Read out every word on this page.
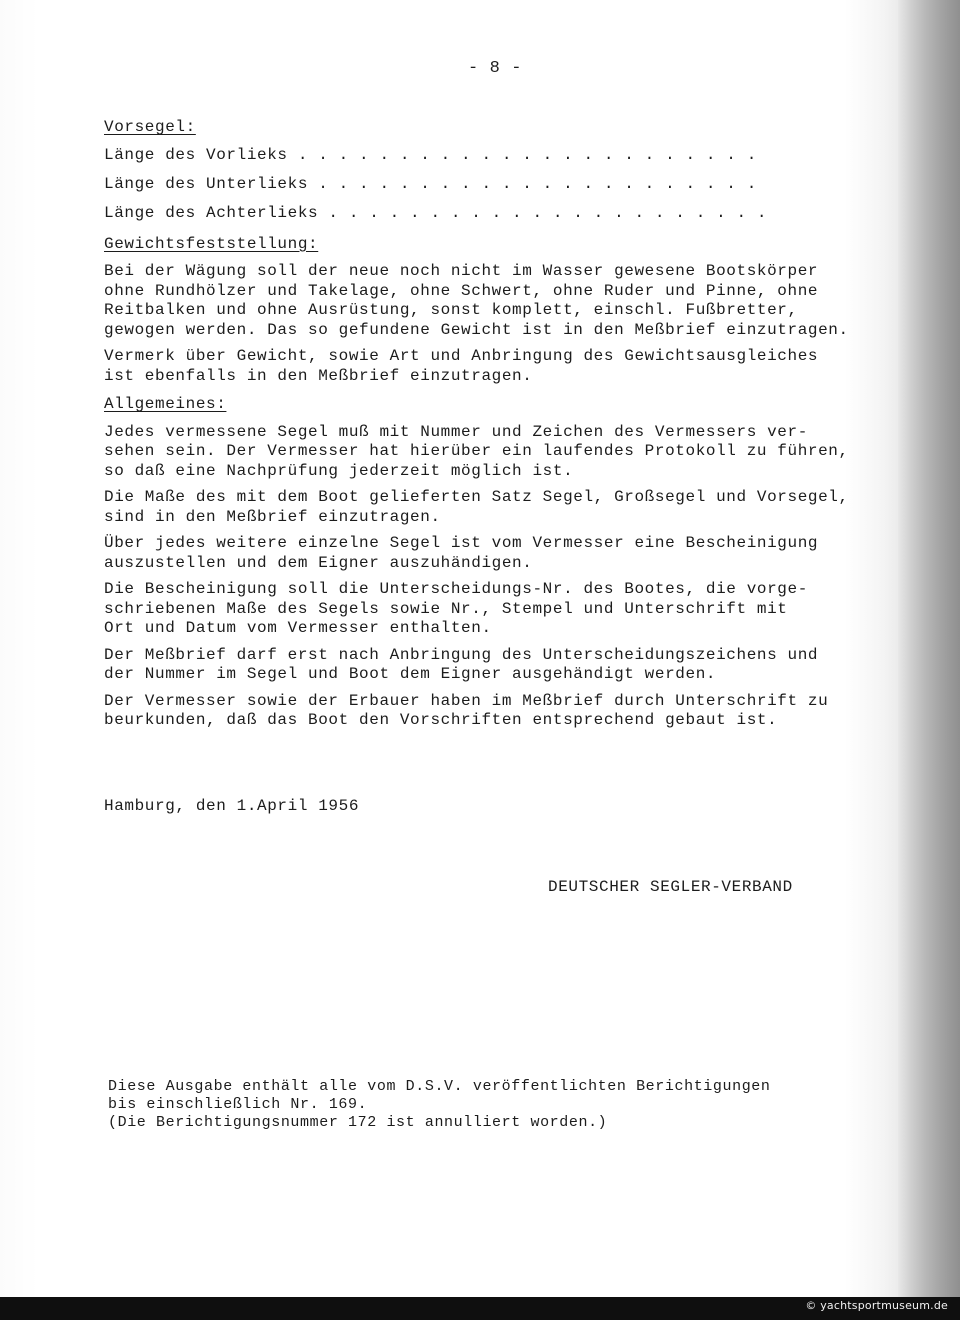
- 8 -
Vorsegel:
Länge des Vorlieks . . . . . . . . . . . . . . . . . . . . . . .
Länge des Unterlieks . . . . . . . . . . . . . . . . . . . . . .
Länge des Achterlieks . . . . . . . . . . . . . . . . . . . . . .
Gewichtsfeststellung:
Bei der Wägung soll der neue noch nicht im Wasser gewesene Bootskörper
ohne Rundhölzer und Takelage, ohne Schwert, ohne Ruder und Pinne, ohne
Reitbalken und ohne Ausrüstung, sonst komplett, einschl. Fußbretter,
gewogen werden. Das so gefundene Gewicht ist in den Meßbrief einzutragen.
Vermerk über Gewicht, sowie Art und Anbringung des Gewichtsausgleiches
ist ebenfalls in den Meßbrief einzutragen.
Allgemeines:
Jedes vermessene Segel muß mit Nummer und Zeichen des Vermessers ver-
sehen sein. Der Vermesser hat hierüber ein laufendes Protokoll zu führen,
so daß eine Nachprüfung jederzeit möglich ist.
Die Maße des mit dem Boot gelieferten Satz Segel, Großsegel und Vorsegel,
sind in den Meßbrief einzutragen.
Über jedes weitere einzelne Segel ist vom Vermesser eine Bescheinigung
auszustellen und dem Eigner auszuhändigen.
Die Bescheinigung soll die Unterscheidungs-Nr. des Bootes, die vorge-
schriebenen Maße des Segels sowie Nr., Stempel und Unterschrift mit
Ort und Datum vom Vermesser enthalten.
Der Meßbrief darf erst nach Anbringung des Unterscheidungszeichens und
der Nummer im Segel und Boot dem Eigner ausgehändigt werden.
Der Vermesser sowie der Erbauer haben im Meßbrief durch Unterschrift zu
beurkunden, daß das Boot den Vorschriften entsprechend gebaut ist.
Hamburg, den 1.April 1956
DEUTSCHER SEGLER-VERBAND
Diese Ausgabe enthält alle vom D.S.V. veröffentlichten Berichtigungen
bis einschließlich Nr. 169.
(Die Berichtigungsnummer 172 ist annulliert worden.)
© yachtsportmuseum.de
